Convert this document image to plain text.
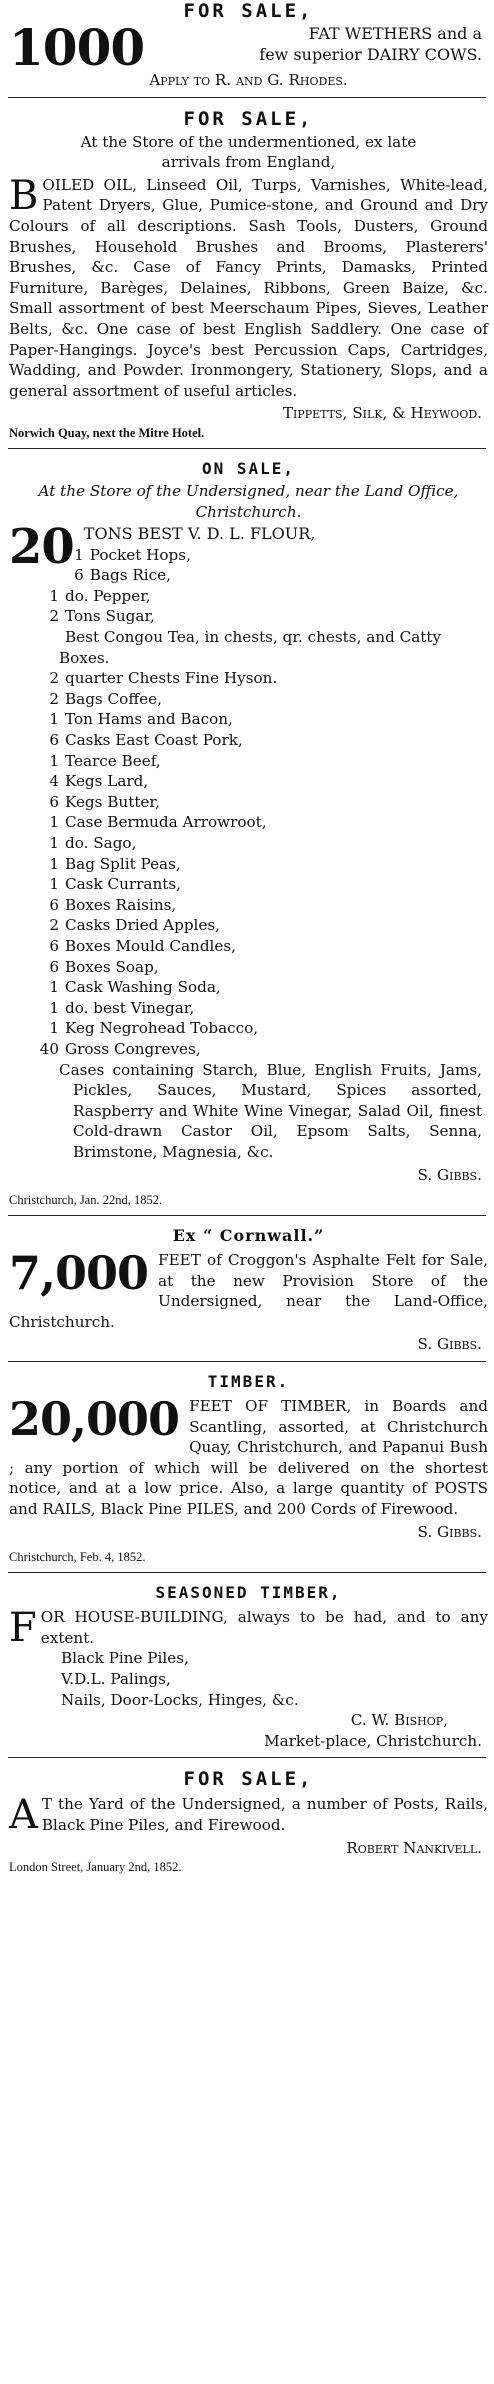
FOR SALE,
1000	FAT WETHERS and a
few superior DAIRY COWS.
Apply to R. and G. Rhodes.
FOR SALE,
At the Store of the undermentioned, ex late arrivals from England,
B OILED OIL, Linseed Oil, Turps, Varnishes, White-lead, Patent Dryers, Glue, Pumice-stone, and Ground and Dry Colours of all descriptions. Sash Tools, Dusters, Ground Brushes, Household Brushes and Brooms, Plasterers' Brushes, &c. Case of Fancy Prints, Damasks, Printed Furniture, Barèges, Delaines, Ribbons, Green Baize, &c. Small assortment of best Meerschaum Pipes, Sieves, Leather Belts, &c. One case of best English Saddlery. One case of Paper-Hangings. Joyce's best Percussion Caps, Cartridges, Wadding, and Powder. Ironmongery, Stationery, Slops, and a general assortment of useful articles.
Tippetts, Silk, & Heywood.
Norwich Quay, next the Mitre Hotel.
ON SALE,
At the Store of the Undersigned, near the Land Office, Christchurch.
20 TONS BEST V. D. L. FLOUR,
1 Pocket Hops,
6 Bags Rice,
1 do. Pepper,
2 Tons Sugar,
Best Congou Tea, in chests, qr. chests, and Catty Boxes.
2 quarter Chests Fine Hyson.
2 Bags Coffee,
1 Ton Hams and Bacon,
6 Casks East Coast Pork,
1 Tearce Beef,
4 Kegs Lard,
6 Kegs Butter,
1 Case Bermuda Arrowroot,
1 do. Sago,
1 Bag Split Peas,
1 Cask Currants,
6 Boxes Raisins,
2 Casks Dried Apples,
6 Boxes Mould Candles,
6 Boxes Soap,
1 Cask Washing Soda,
1 do. best Vinegar,
1 Keg Negrohead Tobacco,
40 Gross Congreves,
Cases containing Starch, Blue, English Fruits, Jams, Pickles, Sauces, Mustard, Spices assorted, Raspberry and White Wine Vinegar, Salad Oil, finest Cold-drawn Castor Oil, Epsom Salts, Senna, Brimstone, Magnesia, &c.
S. Gibbs.
Christchurch, Jan. 22nd, 1852.
Ex “ Cornwall.”
7,000 FEET of Croggon's Asphalte Felt for Sale, at the new Provision Store of the Undersigned, near the Land-Office, Christchurch.
S. Gibbs.
TIMBER.
20,000 FEET OF TIMBER, in Boards and Scantling, assorted, at Christchurch Quay, Christchurch, and Papanui Bush ; any portion of which will be delivered on the shortest notice, and at a low price. Also, a large quantity of POSTS and RAILS, Black Pine PILES, and 200 Cords of Firewood.
S. Gibbs.
Christchurch, Feb. 4, 1852.
SEASONED TIMBER,
F OR HOUSE-BUILDING, always to be had, and to any extent.
Black Pine Piles,
V.D.L. Palings,
Nails, Door-Locks, Hinges, &c.
C. W. Bishop,
Market-place, Christchurch.
FOR SALE,
A T the Yard of the Undersigned, a number of Posts, Rails, Black Pine Piles, and Firewood.
Robert Nankivell.
London Street, January 2nd, 1852.
